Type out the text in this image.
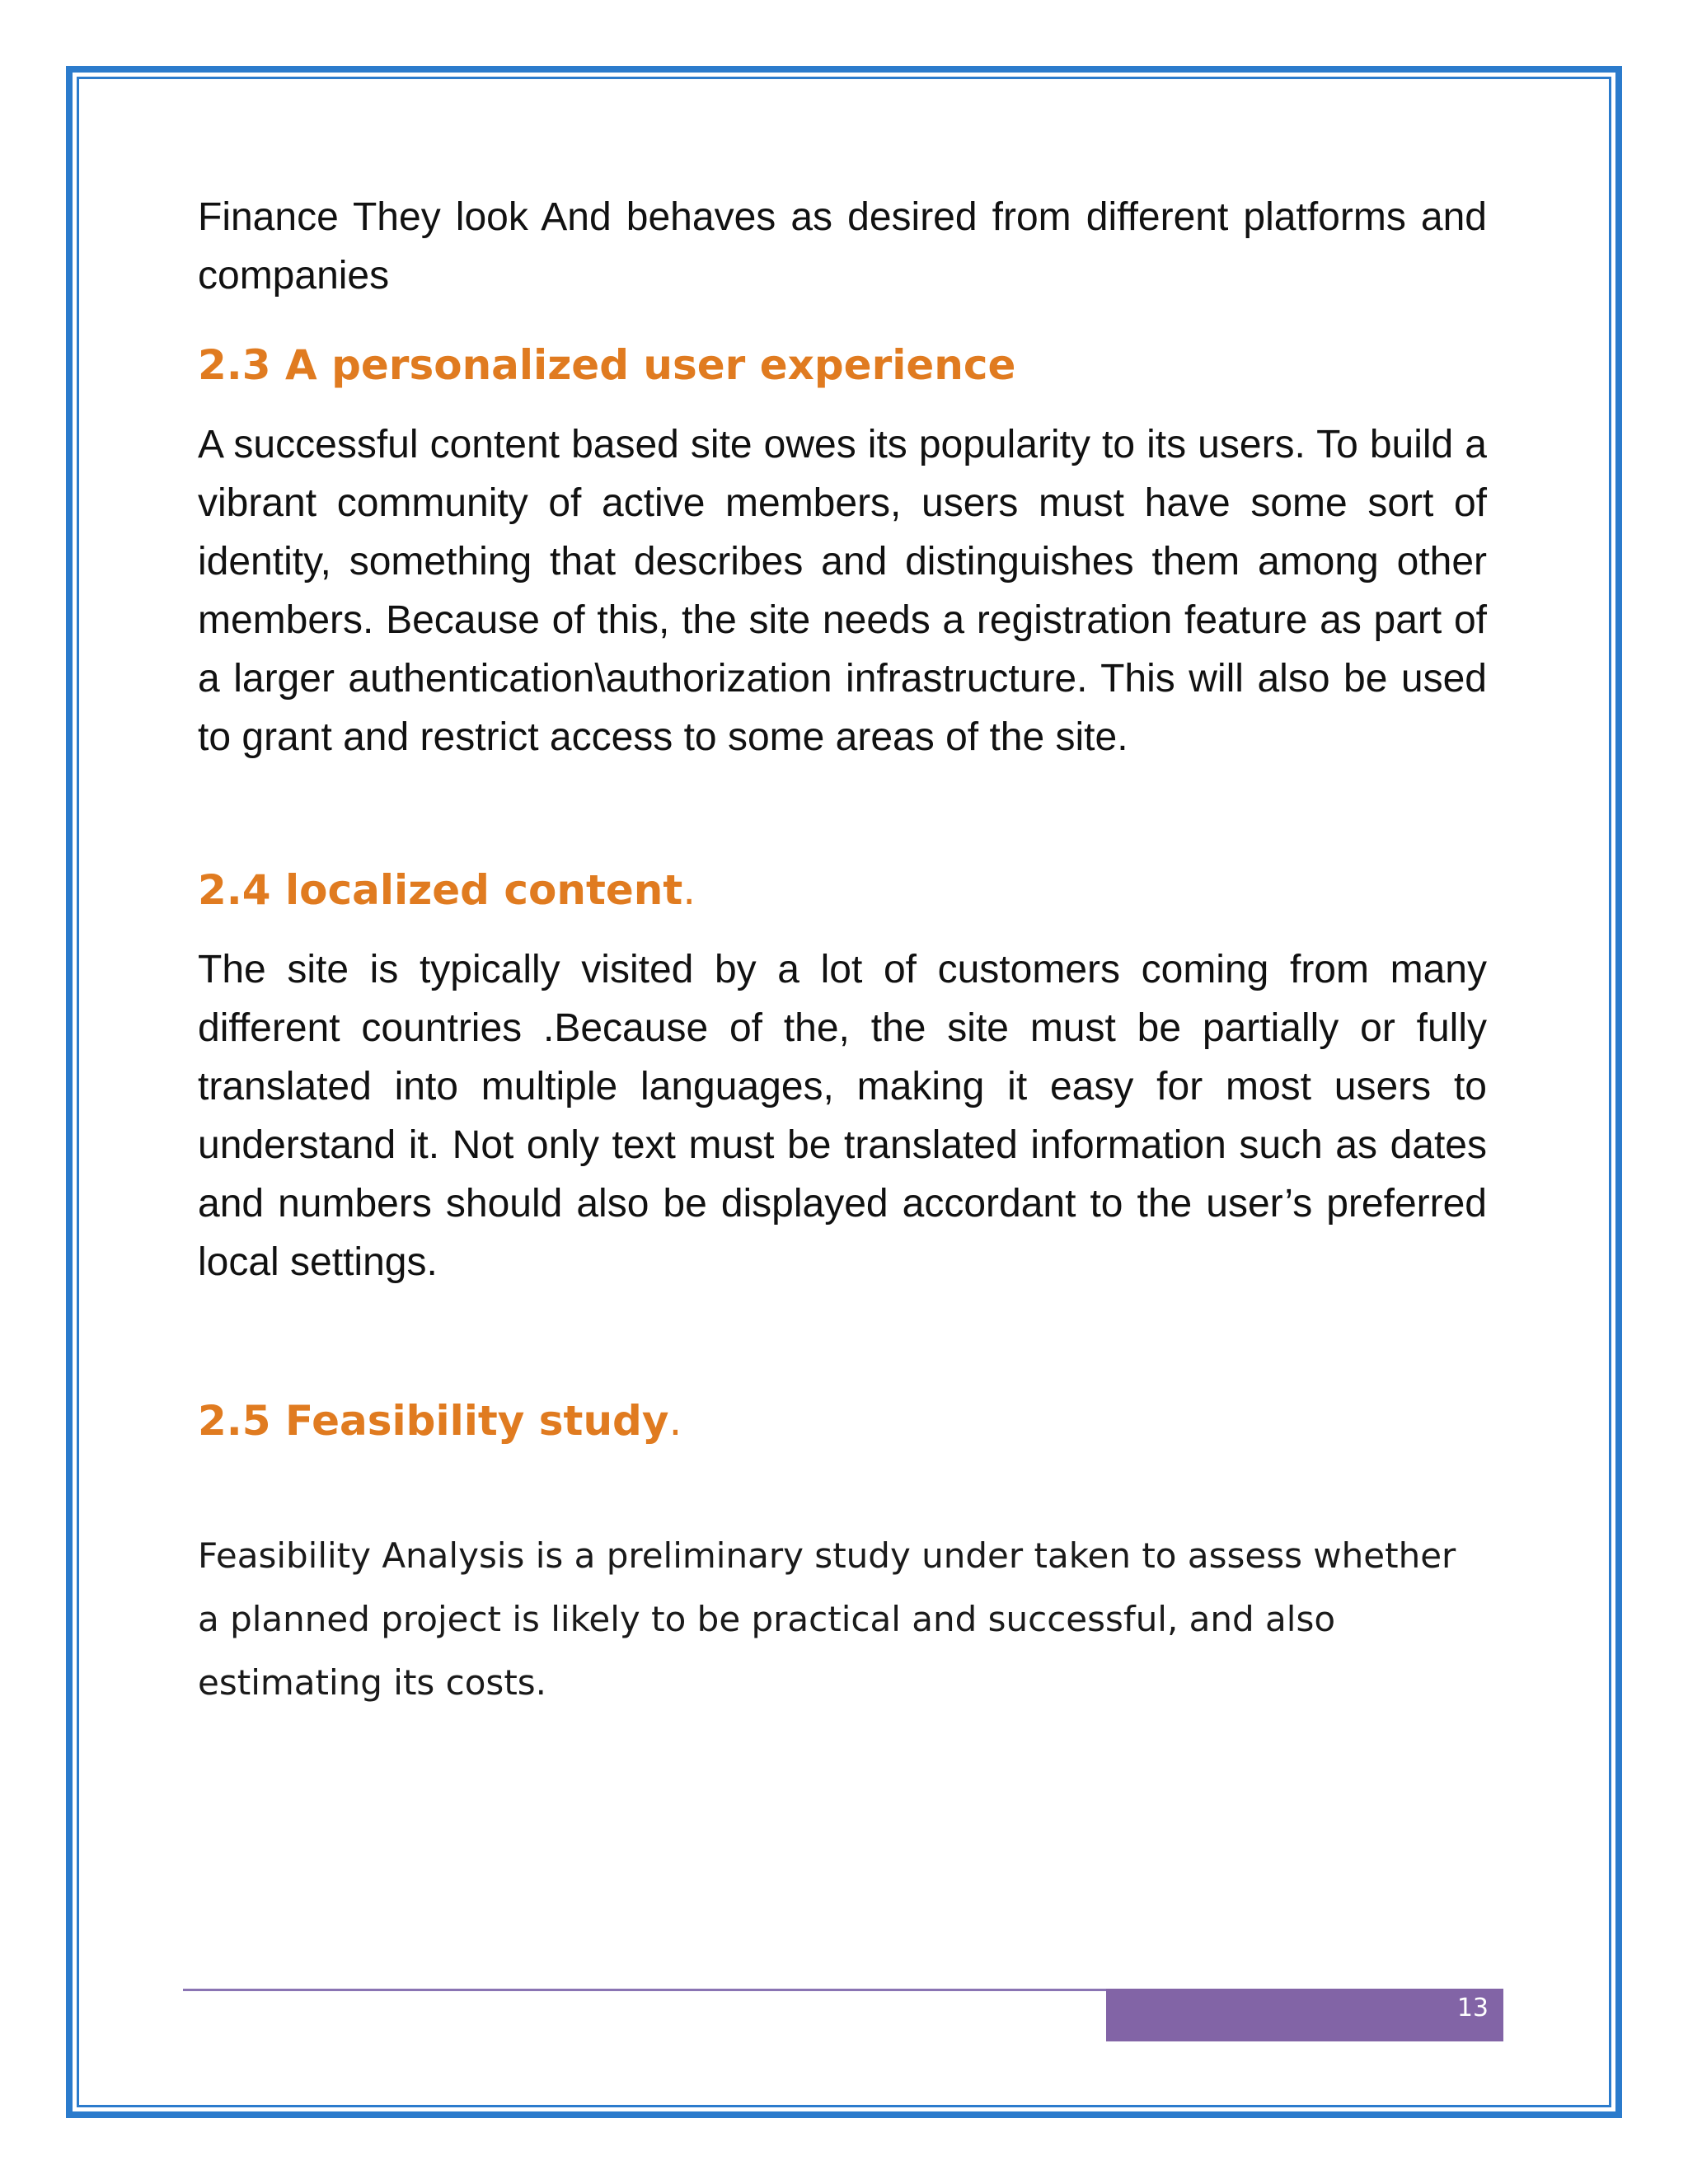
Finance They look And behaves as desired from different platforms and companies

2.3 A personalized user experience

A successful content based site owes its popularity to its users. To build a vibrant community of active members, users must have some sort of identity, something that describes and distinguishes them among other members. Because of this, the site needs a registration feature as part of a larger authentication\authorization infrastructure. This will also be used to grant and restrict access to some areas of the site.

2.4 localized content.

The site is typically visited by a lot of customers coming from many different countries .Because of the, the site must be partially or fully translated into multiple languages, making it easy for most users to understand it. Not only text must be translated information such as dates and numbers should also be displayed accordant to the user’s preferred local settings.

2.5 Feasibility study.

Feasibility Analysis is a preliminary study under taken to assess whether a planned project is likely to be practical and successful, and also estimating its costs.

13
